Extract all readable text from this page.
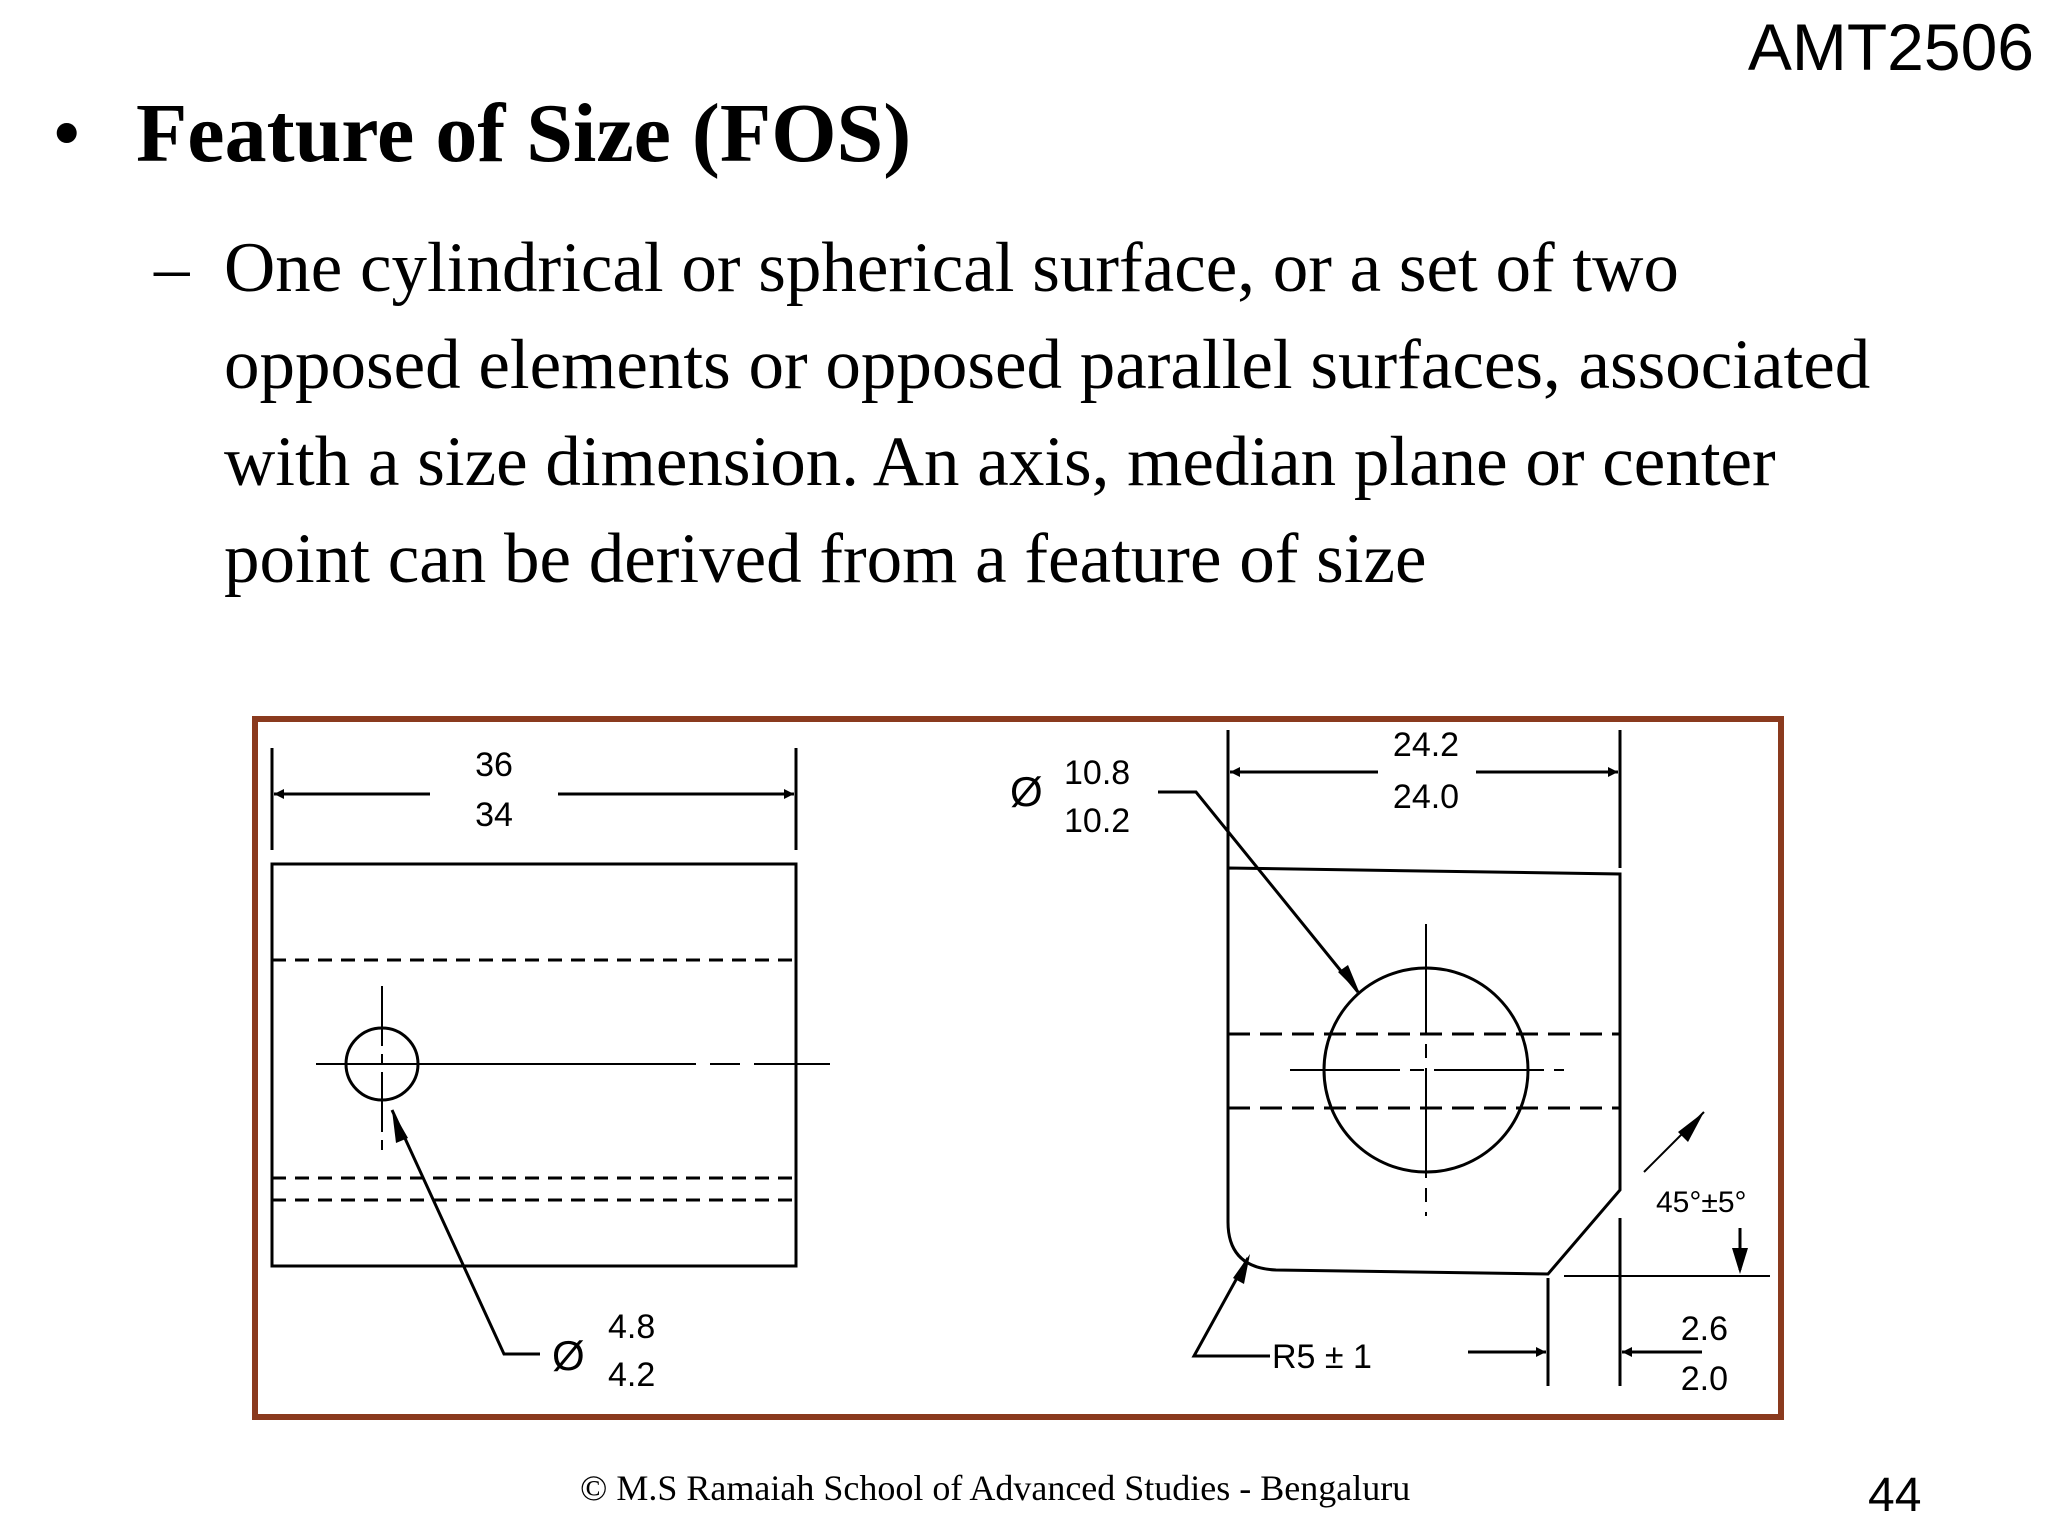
AMT2506
• Feature of Size (FOS)
– One cylindrical or spherical surface, or a set of two opposed elements or opposed parallel surfaces, associated with a size dimension. An axis, median plane or center point can be derived from a feature of size
36
34
Ø
4.8
4.2
Ø 10.8
10.2
24.2
24.0
45°±5°
R5 ± 1
2.6
2.0
© M.S Ramaiah School of Advanced Studies - Bengaluru	44
